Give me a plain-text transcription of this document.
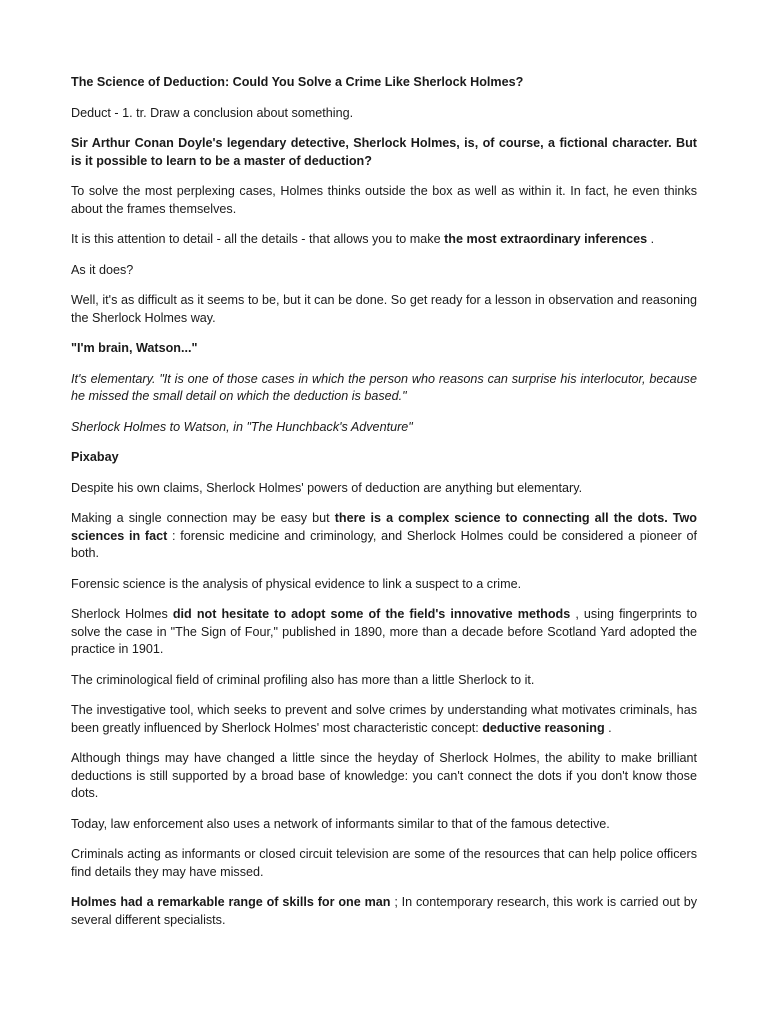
The Science of Deduction: Could You Solve a Crime Like Sherlock Holmes?

Deduct - 1. tr. Draw a conclusion about something.

Sir Arthur Conan Doyle's legendary detective, Sherlock Holmes, is, of course, a fictional character. But is it possible to learn to be a master of deduction?

To solve the most perplexing cases, Holmes thinks outside the box as well as within it. In fact, he even thinks about the frames themselves.

It is this attention to detail - all the details - that allows you to make the most extraordinary inferences .

As it does?

Well, it's as difficult as it seems to be, but it can be done. So get ready for a lesson in observation and reasoning the Sherlock Holmes way.

"I'm brain, Watson..."

It's elementary. "It is one of those cases in which the person who reasons can surprise his interlocutor, because he missed the small detail on which the deduction is based."

Sherlock Holmes to Watson, in "The Hunchback's Adventure"

Pixabay

Despite his own claims, Sherlock Holmes' powers of deduction are anything but elementary.

Making a single connection may be easy but there is a complex science to connecting all the dots. Two sciences in fact : forensic medicine and criminology, and Sherlock Holmes could be considered a pioneer of both.

Forensic science is the analysis of physical evidence to link a suspect to a crime.

Sherlock Holmes did not hesitate to adopt some of the field's innovative methods , using fingerprints to solve the case in "The Sign of Four," published in 1890, more than a decade before Scotland Yard adopted the practice in 1901.

The criminological field of criminal profiling also has more than a little Sherlock to it.

The investigative tool, which seeks to prevent and solve crimes by understanding what motivates criminals, has been greatly influenced by Sherlock Holmes' most characteristic concept: deductive reasoning .

Although things may have changed a little since the heyday of Sherlock Holmes, the ability to make brilliant deductions is still supported by a broad base of knowledge: you can't connect the dots if you don't know those dots.

Today, law enforcement also uses a network of informants similar to that of the famous detective.

Criminals acting as informants or closed circuit television are some of the resources that can help police officers find details they may have missed.

Holmes had a remarkable range of skills for one man ; In contemporary research, this work is carried out by several different specialists.
